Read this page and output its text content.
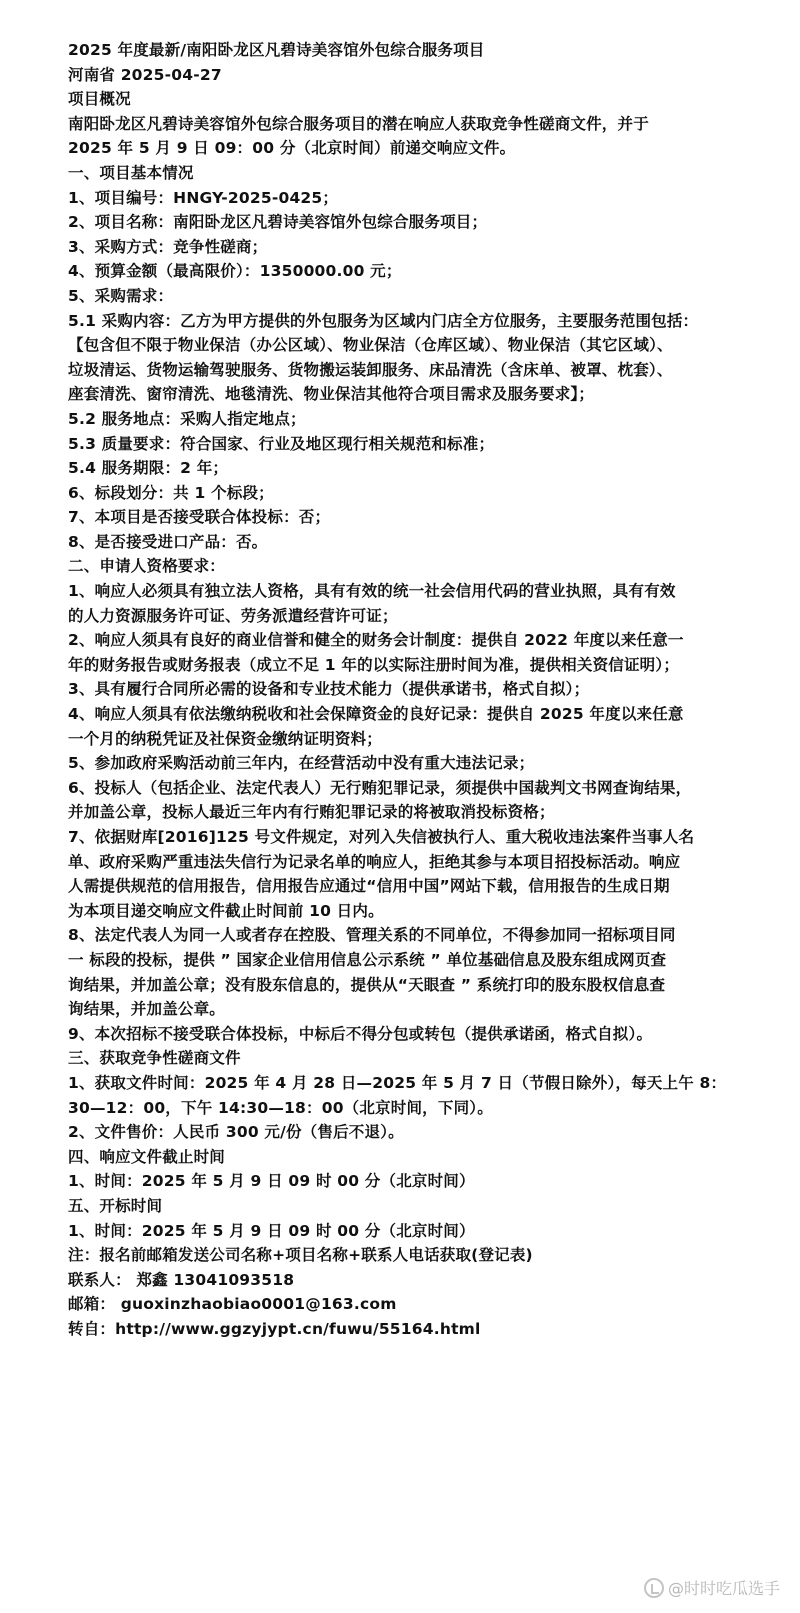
2025 年度最新/南阳卧龙区凡碧诗美容馆外包综合服务项目
河南省 2025-04-27
项目概况
南阳卧龙区凡碧诗美容馆外包综合服务项目的潜在响应人获取竞争性磋商文件，并于
2025 年 5 月 9 日 09：00 分（北京时间）前递交响应文件。
一、项目基本情况
1、项目编号：HNGY-2025-0425；
2、项目名称：南阳卧龙区凡碧诗美容馆外包综合服务项目；
3、采购方式：竞争性磋商；
4、预算金额（最高限价）：1350000.00 元；
5、采购需求：
5.1 采购内容：乙方为甲方提供的外包服务为区域内门店全方位服务，主要服务范围包括：
【包含但不限于物业保洁（办公区域）、物业保洁（仓库区域）、物业保洁（其它区域）、
垃圾清运、货物运输驾驶服务、货物搬运装卸服务、床品清洗（含床单、被罩、枕套）、
座套清洗、窗帘清洗、地毯清洗、物业保洁其他符合项目需求及服务要求】；
5.2 服务地点：采购人指定地点；
5.3 质量要求：符合国家、行业及地区现行相关规范和标准；
5.4 服务期限：2 年；
6、标段划分：共 1 个标段；
7、本项目是否接受联合体投标：否；
8、是否接受进口产品：否。
二、申请人资格要求：
1、响应人必须具有独立法人资格，具有有效的统一社会信用代码的营业执照，具有有效
的人力资源服务许可证、劳务派遣经营许可证；
2、响应人须具有良好的商业信誉和健全的财务会计制度：提供自 2022 年度以来任意一
年的财务报告或财务报表（成立不足 1 年的以实际注册时间为准，提供相关资信证明）；
3、具有履行合同所必需的设备和专业技术能力（提供承诺书，格式自拟）；
4、响应人须具有依法缴纳税收和社会保障资金的良好记录：提供自 2025 年度以来任意
一个月的纳税凭证及社保资金缴纳证明资料；
5、参加政府采购活动前三年内，在经营活动中没有重大违法记录；
6、投标人（包括企业、法定代表人）无行贿犯罪记录，须提供中国裁判文书网查询结果，
并加盖公章，投标人最近三年内有行贿犯罪记录的将被取消投标资格；
7、依据财库[2016]125 号文件规定，对列入失信被执行人、重大税收违法案件当事人名
单、政府采购严重违法失信行为记录名单的响应人，拒绝其参与本项目招投标活动。响应
人需提供规范的信用报告，信用报告应通过“信用中国”网站下载，信用报告的生成日期
为本项目递交响应文件截止时间前 10 日内。
8、法定代表人为同一人或者存在控股、管理关系的不同单位，不得参加同一招标项目同
一 标段的投标，提供 ” 国家企业信用信息公示系统 ” 单位基础信息及股东组成网页查
询结果，并加盖公章；没有股东信息的，提供从“天眼查 ” 系统打印的股东股权信息查
询结果，并加盖公章。
9、本次招标不接受联合体投标，中标后不得分包或转包（提供承诺函，格式自拟）。
三、获取竞争性磋商文件
1、获取文件时间：2025 年 4 月 28 日—2025 年 5 月 7 日（节假日除外），每天上午 8：
30—12：00，下午 14:30—18：00（北京时间，下同）。
2、文件售价：人民币 300 元/份（售后不退）。
四、响应文件截止时间
1、时间：2025 年 5 月 9 日 09 时 00 分（北京时间）
五、开标时间
1、时间：2025 年 5 月 9 日 09 时 00 分（北京时间）
注：报名前邮箱发送公司名称+项目名称+联系人电话获取(登记表)
联系人： 郑鑫 13041093518
邮箱： guoxinzhaobiao0001@163.com
转自：http://www.ggzyjypt.cn/fuwu/55164.html
@时时吃瓜选手
